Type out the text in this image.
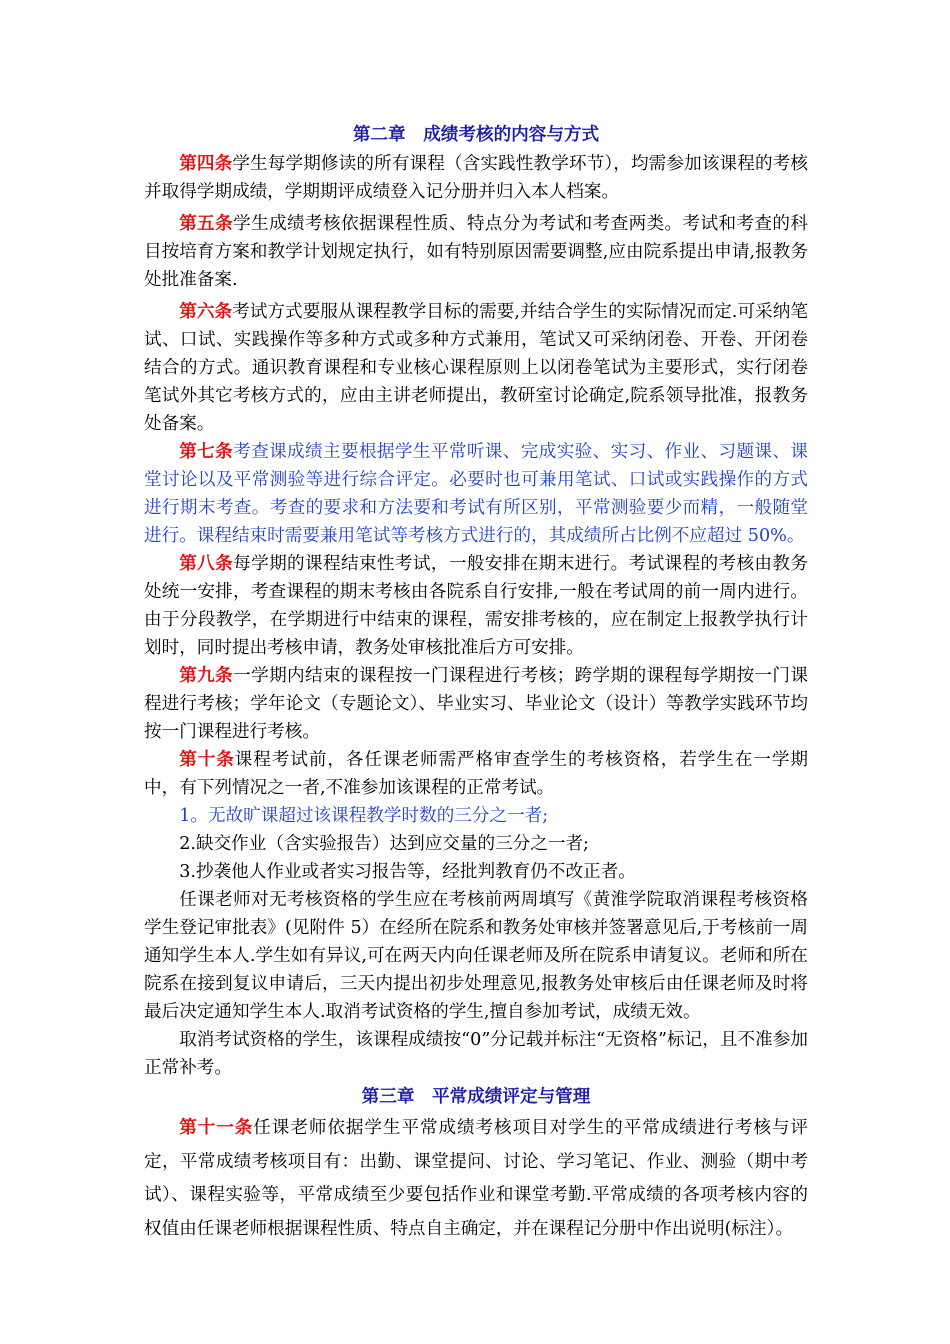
第二章　成绩考核的内容与方式

第四条学生每学期修读的所有课程（含实践性教学环节），均需参加该课程的考核并取得学期成绩，学期期评成绩登入记分册并归入本人档案。

第五条学生成绩考核依据课程性质、特点分为考试和考查两类。考试和考查的科目按培育方案和教学计划规定执行，如有特别原因需要调整,应由院系提出申请,报教务处批准备案.

第六条考试方式要服从课程教学目标的需要,并结合学生的实际情况而定.可采纳笔试、口试、实践操作等多种方式或多种方式兼用，笔试又可采纳闭卷、开卷、开闭卷结合的方式。通识教育课程和专业核心课程原则上以闭卷笔试为主要形式，实行闭卷笔试外其它考核方式的，应由主讲老师提出，教研室讨论确定,院系领导批准，报教务处备案。

第七条考查课成绩主要根据学生平常听课、完成实验、实习、作业、习题课、课堂讨论以及平常测验等进行综合评定。必要时也可兼用笔试、口试或实践操作的方式进行期末考查。考查的要求和方法要和考试有所区别，平常测验要少而精，一般随堂进行。课程结束时需要兼用笔试等考核方式进行的，其成绩所占比例不应超过 50%。

第八条每学期的课程结束性考试，一般安排在期末进行。考试课程的考核由教务处统一安排，考查课程的期末考核由各院系自行安排,一般在考试周的前一周内进行。由于分段教学，在学期进行中结束的课程，需安排考核的，应在制定上报教学执行计划时，同时提出考核申请，教务处审核批准后方可安排。

第九条一学期内结束的课程按一门课程进行考核；跨学期的课程每学期按一门课程进行考核；学年论文（专题论文）、毕业实习、毕业论文（设计）等教学实践环节均按一门课程进行考核。

第十条课程考试前，各任课老师需严格审查学生的考核资格，若学生在一学期中，有下列情况之一者,不准参加该课程的正常考试。

1。无故旷课超过该课程教学时数的三分之一者;

2.缺交作业（含实验报告）达到应交量的三分之一者;

3.抄袭他人作业或者实习报告等，经批判教育仍不改正者。

任课老师对无考核资格的学生应在考核前两周填写《黄淮学院取消课程考核资格学生登记审批表》(见附件 5）在经所在院系和教务处审核并签署意见后,于考核前一周通知学生本人.学生如有异议,可在两天内向任课老师及所在院系申请复议。老师和所在院系在接到复议申请后，三天内提出初步处理意见,报教务处审核后由任课老师及时将最后决定通知学生本人.取消考试资格的学生,擅自参加考试，成绩无效。

取消考试资格的学生，该课程成绩按“0”分记载并标注“无资格”标记，且不准参加正常补考。

第三章　平常成绩评定与管理

第十一条任课老师依据学生平常成绩考核项目对学生的平常成绩进行考核与评定，平常成绩考核项目有：出勤、课堂提问、讨论、学习笔记、作业、测验（期中考试）、课程实验等，平常成绩至少要包括作业和课堂考勤.平常成绩的各项考核内容的权值由任课老师根据课程性质、特点自主确定，并在课程记分册中作出说明(标注）。
